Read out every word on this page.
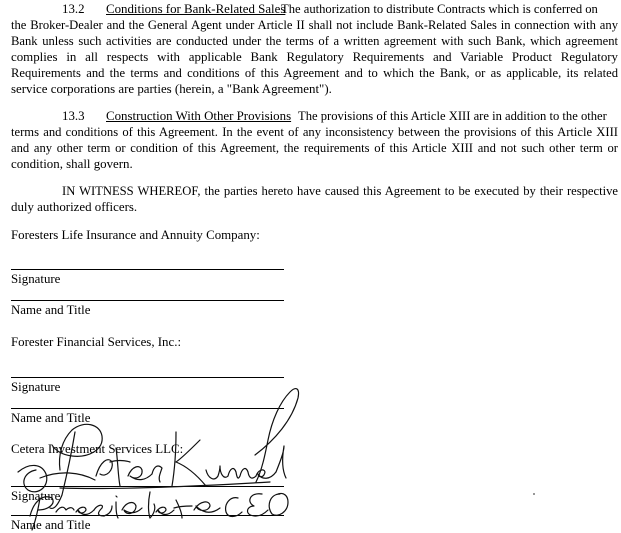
13.2 Conditions for Bank-Related Sales
The authorization to distribute Contracts which is conferred on
the Broker-Dealer and the General Agent under Article II shall not include Bank-Related Sales in connection with any
Bank unless such activities are conducted under the terms of a written agreement with such Bank, which agreement
complies in all respects with applicable Bank Regulatory Requirements and Variable Product Regulatory
Requirements and the terms and conditions of this Agreement and to which the Bank, or as applicable, its related
service corporations are parties (herein, a "Bank Agreement").
13.3 Construction With Other Provisions The provisions of this Article XIII are in addition to the other
terms and conditions of this Agreement. In the event of any inconsistency between the provisions of this Article XIII
and any other term or condition of this Agreement, the requirements of this Article XIII and not such other term or
condition, shall govern.
IN WITNESS WHEREOF, the parties hereto have caused this Agreement to be executed by their respective
duly authorized officers.
Foresters Life Insurance and Annuity Company:
Signature
Name and Title
Forester Financial Services, Inc.:
Signature
Name and Title
Cetera Investment Services LLC:
Signature
Name and Title
